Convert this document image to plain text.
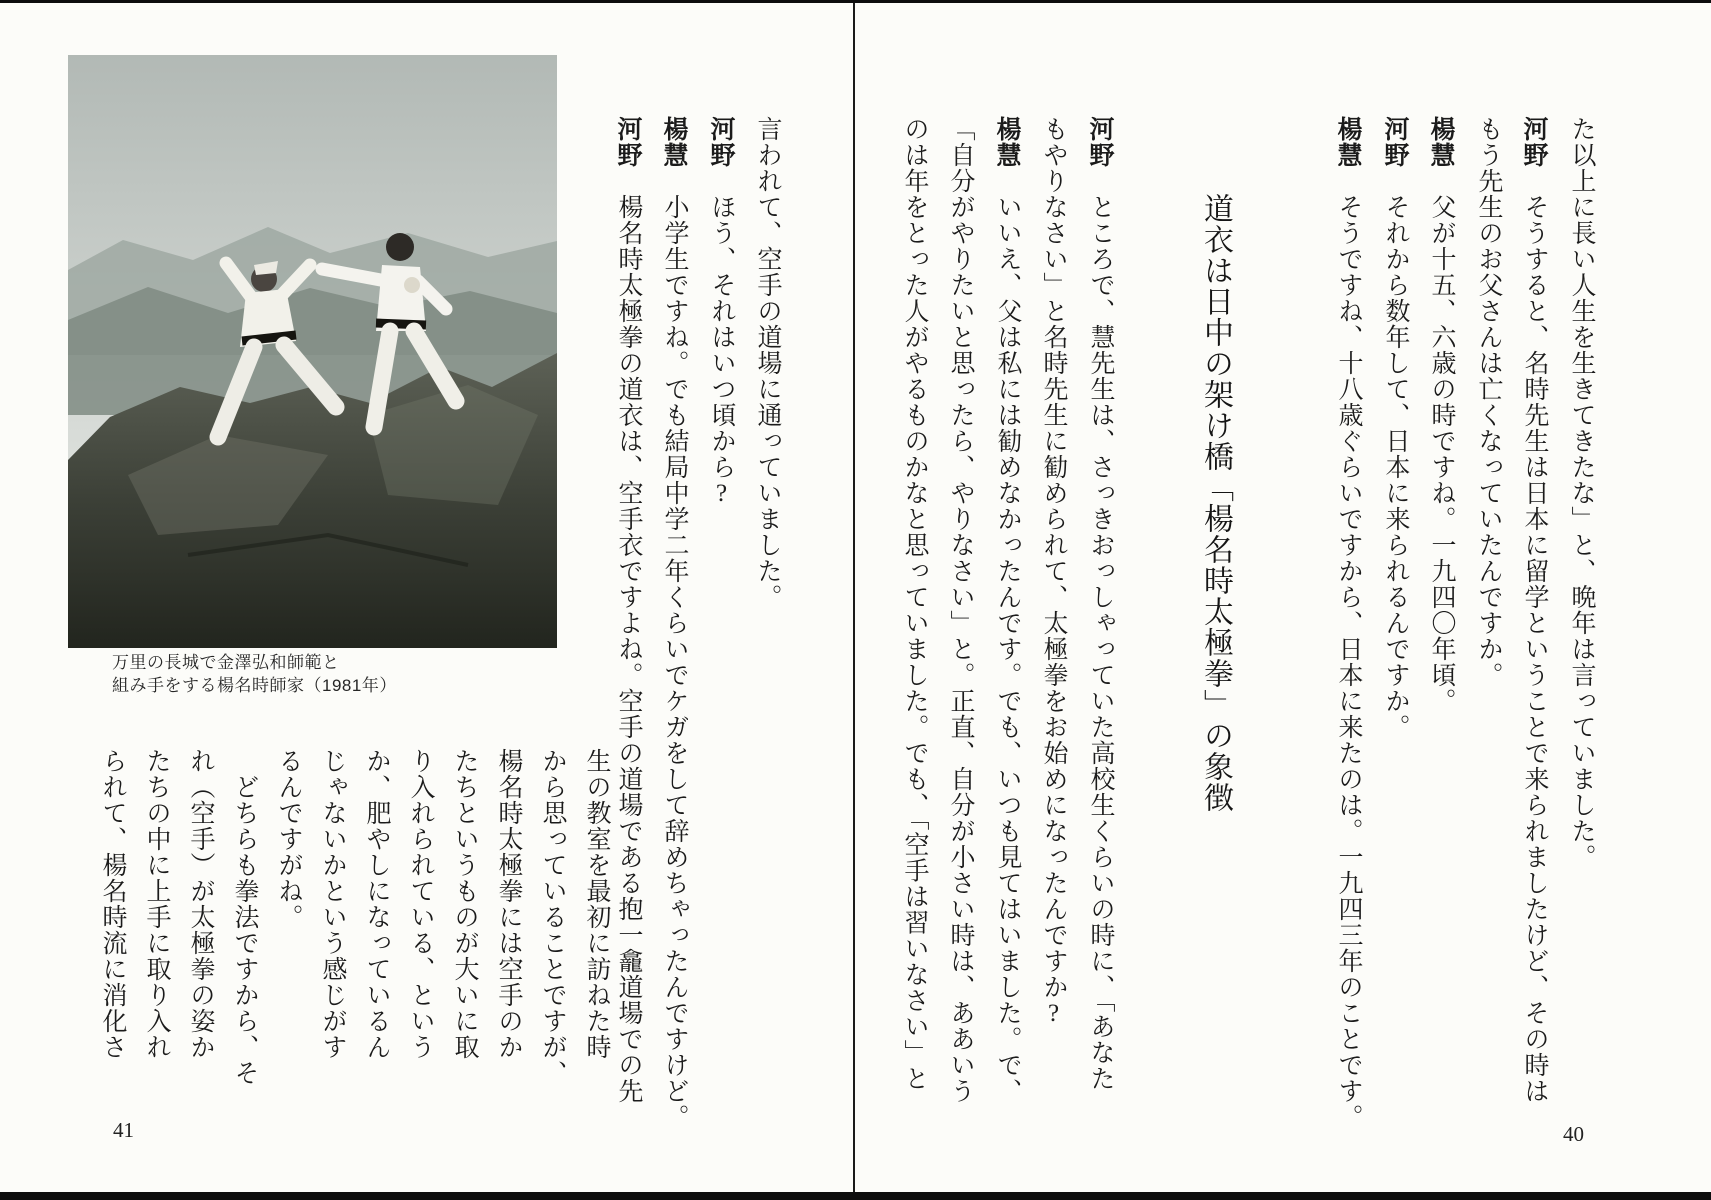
た以上に長い人生を生きてきたな」と、晩年は言っていました。
河野　そうすると、名時先生は日本に留学ということで来られましたけど、その時は
もう先生のお父さんは亡くなっていたんですか。
楊慧　父が十五、六歳の時ですね。一九四〇年頃。
河野　それから数年して、日本に来られるんですか。
楊慧　そうですね、十八歳ぐらいですから、日本に来たのは。一九四三年のことです。
道衣は日中の架け橋「楊名時太極拳」の象徴
河野　ところで、慧先生は、さっきおっしゃっていた高校生くらいの時に、「あなた
もやりなさい」と名時先生に勧められて、太極拳をお始めになったんですか?
楊慧　いいえ、父は私には勧めなかったんです。でも、いつも見てはいました。で、
「自分がやりたいと思ったら、やりなさい」と。正直、自分が小さい時は、ああいう
のは年をとった人がやるものかなと思っていました。でも、「空手は習いなさい」と
40
万里の長城で金澤弘和師範と
組み手をする楊名時師家（1981年）
言われて、空手の道場に通っていました。
河野　ほう、それはいつ頃から?
楊慧　小学生ですね。でも結局中学二年くらいでケガをして辞めちゃったんですけど。
河野　楊名時太極拳の道衣は、空手衣ですよね。空手の道場である抱一龕道場での先
生の教室を最初に訪ねた時
から思っていることですが、
楊名時太極拳には空手のか
たちというものが大いに取
り入れられている、という
か、肥やしになっているん
じゃないかという感じがす
るんですがね。
　どちらも拳法ですから、そ
れ（空手）が太極拳の姿か
たちの中に上手に取り入れ
られて、楊名時流に消化さ
41
